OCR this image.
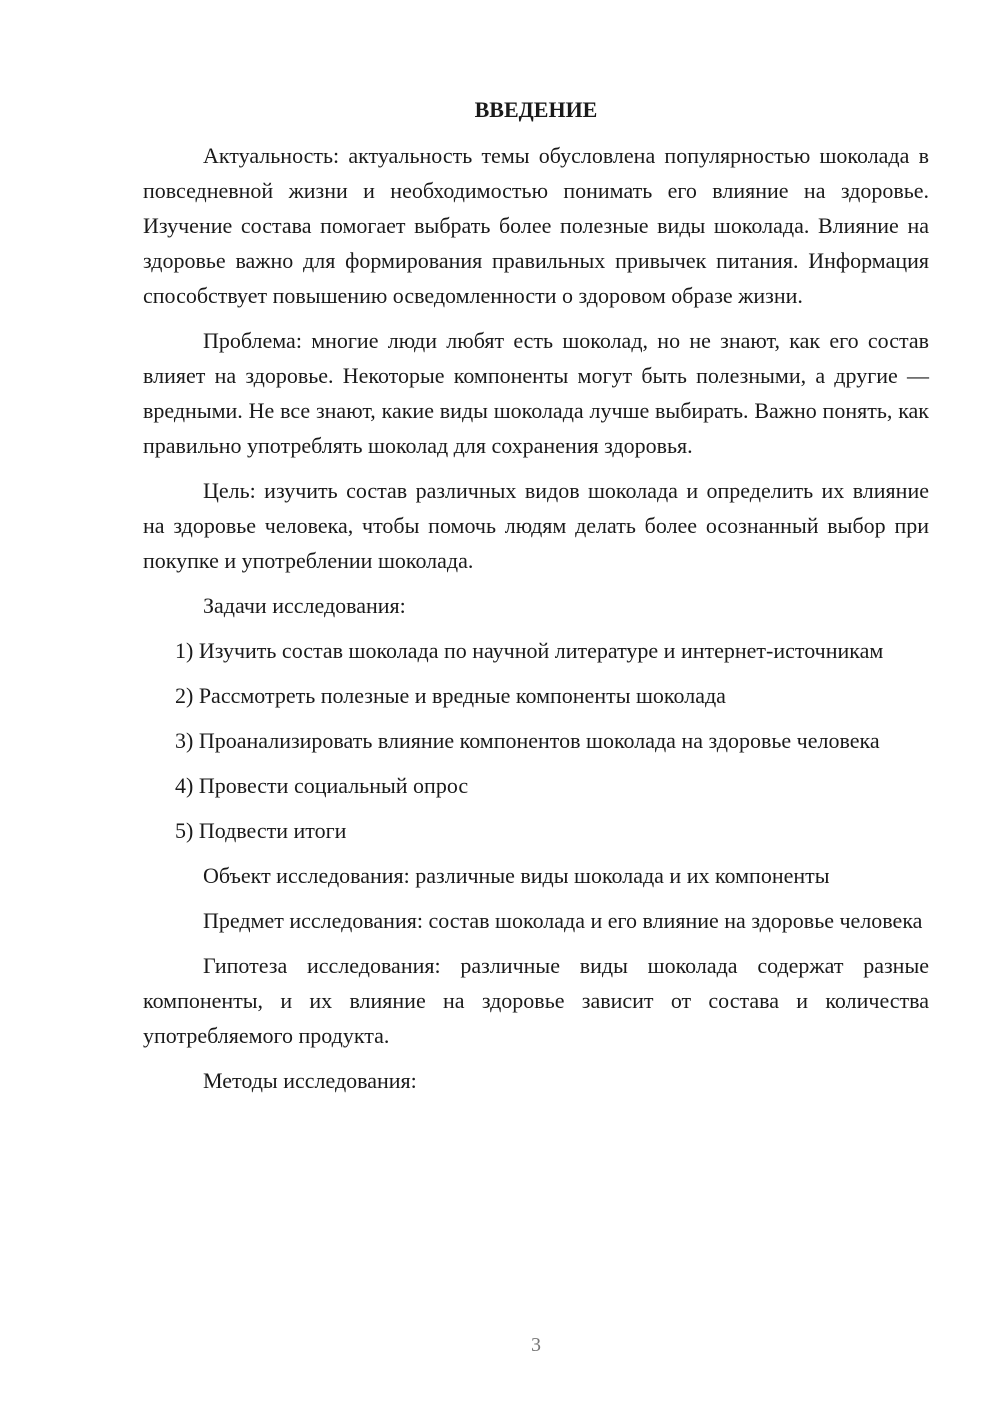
ВВЕДЕНИЕ

Актуальность: актуальность темы обусловлена популярностью шоколада в повседневной жизни и необходимостью понимать его влияние на здоровье. Изучение состава помогает выбрать более полезные виды шоколада. Влияние на здоровье важно для формирования правильных привычек питания. Информация способствует повышению осведомленности о здоровом образе жизни.

Проблема: многие люди любят есть шоколад, но не знают, как его состав влияет на здоровье. Некоторые компоненты могут быть полезными, а другие — вредными. Не все знают, какие виды шоколада лучше выбирать. Важно понять, как правильно употреблять шоколад для сохранения здоровья.

Цель: изучить состав различных видов шоколада и определить их влияние на здоровье человека, чтобы помочь людям делать более осознанный выбор при покупке и употреблении шоколада.

Задачи исследования:

1) Изучить состав шоколада по научной литературе и интернет-источникам

2) Рассмотреть полезные и вредные компоненты шоколада

3) Проанализировать влияние компонентов шоколада на здоровье человека

4) Провести социальный опрос

5) Подвести итоги

Объект исследования: различные виды шоколада и их компоненты

Предмет исследования: состав шоколада и его влияние на здоровье человека

Гипотеза исследования: различные виды шоколада содержат разные компоненты, и их влияние на здоровье зависит от состава и количества употребляемого продукта.

Методы исследования:

3
